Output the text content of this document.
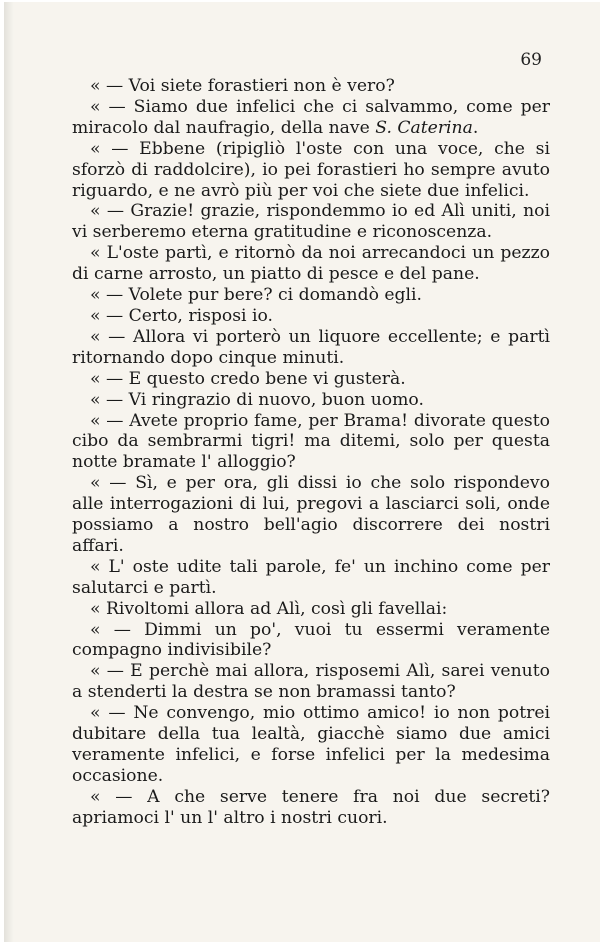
69

« — Voi siete forastieri non è vero?

« — Siamo due infelici che ci salvammo, come per miracolo dal naufragio, della nave S. Caterina.

« — Ebbene (ripigliò l'oste con una voce, che si sforzò di raddolcire), io pei forastieri ho sempre avuto riguardo, e ne avrò più per voi che siete due infelici.

« — Grazie! grazie, rispondemmo io ed Alì uniti, noi vi serberemo eterna gratitudine e riconoscenza.

« L'oste partì, e ritornò da noi arrecandoci un pezzo di carne arrosto, un piatto di pesce e del pane.

« — Volete pur bere? ci domandò egli.

« — Certo, risposi io.

« — Allora vi porterò un liquore eccellente; e partì ritornando dopo cinque minuti.

« — E questo credo bene vi gusterà.

« — Vi ringrazio di nuovo, buon uomo.

« — Avete proprio fame, per Brama! divorate questo cibo da sembrarmi tigri! ma ditemi, solo per questa notte bramate l' alloggio?

« — Sì, e per ora, gli dissi io che solo rispondevo alle interrogazioni di lui, pregovi a lasciarci soli, onde possiamo a nostro bell'agio discorrere dei nostri affari.

« L' oste udite tali parole, fe' un inchino come per salutarci e partì.

« Rivoltomi allora ad Alì, così gli favellai:

« — Dimmi un po', vuoi tu essermi veramente compagno indivisibile?

« — E perchè mai allora, risposemi Alì, sarei venuto a stenderti la destra se non bramassi tanto?

« — Ne convengo, mio ottimo amico! io non potrei dubitare della tua lealtà, giacchè siamo due amici veramente infelici, e forse infelici per la medesima occasione.

« — A che serve tenere fra noi due secreti? apriamoci l' un l' altro i nostri cuori.
